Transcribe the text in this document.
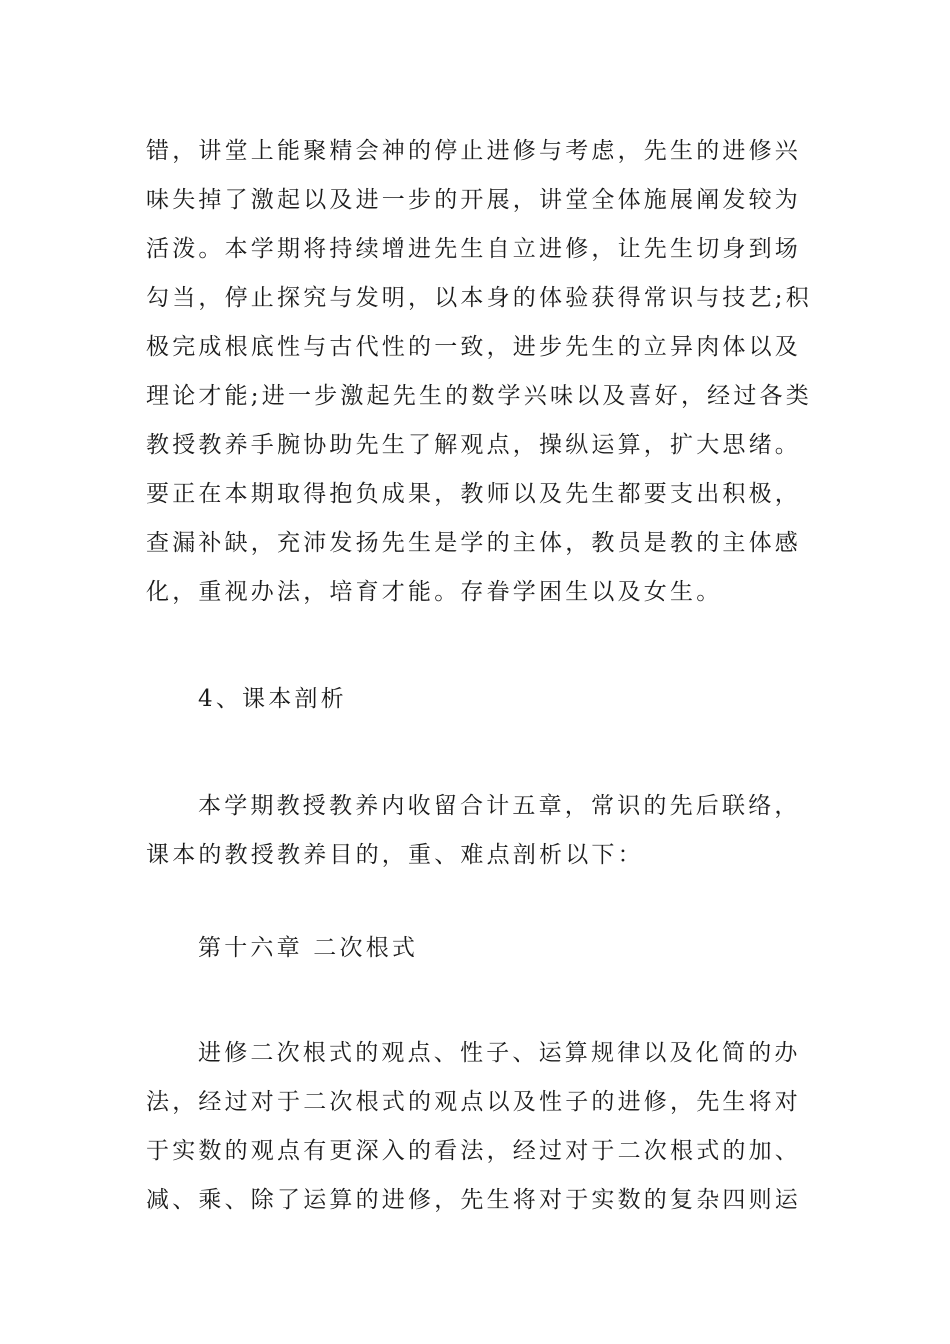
错，讲堂上能聚精会神的停止进修与考虑，先生的进修兴
味失掉了激起以及进一步的开展，讲堂全体施展阐发较为
活泼。本学期将持续增进先生自立进修，让先生切身到场
勾当，停止探究与发明，以本身的体验获得常识与技艺;积
极完成根底性与古代性的一致，进步先生的立异肉体以及
理论才能;进一步激起先生的数学兴味以及喜好，经过各类
教授教养手腕协助先生了解观点，操纵运算，扩大思绪。
要正在本期取得抱负成果，教师以及先生都要支出积极，
查漏补缺，充沛发扬先生是学的主体，教员是教的主体感
化，重视办法，培育才能。存眷学困生以及女生。
4、课本剖析
本学期教授教养内收留合计五章，常识的先后联络，
课本的教授教养目的，重、难点剖析以下：
第十六章 二次根式
进修二次根式的观点、性子、运算规律以及化简的办
法，经过对于二次根式的观点以及性子的进修，先生将对
于实数的观点有更深入的看法，经过对于二次根式的加、
减、乘、除了运算的进修，先生将对于实数的复杂四则运
